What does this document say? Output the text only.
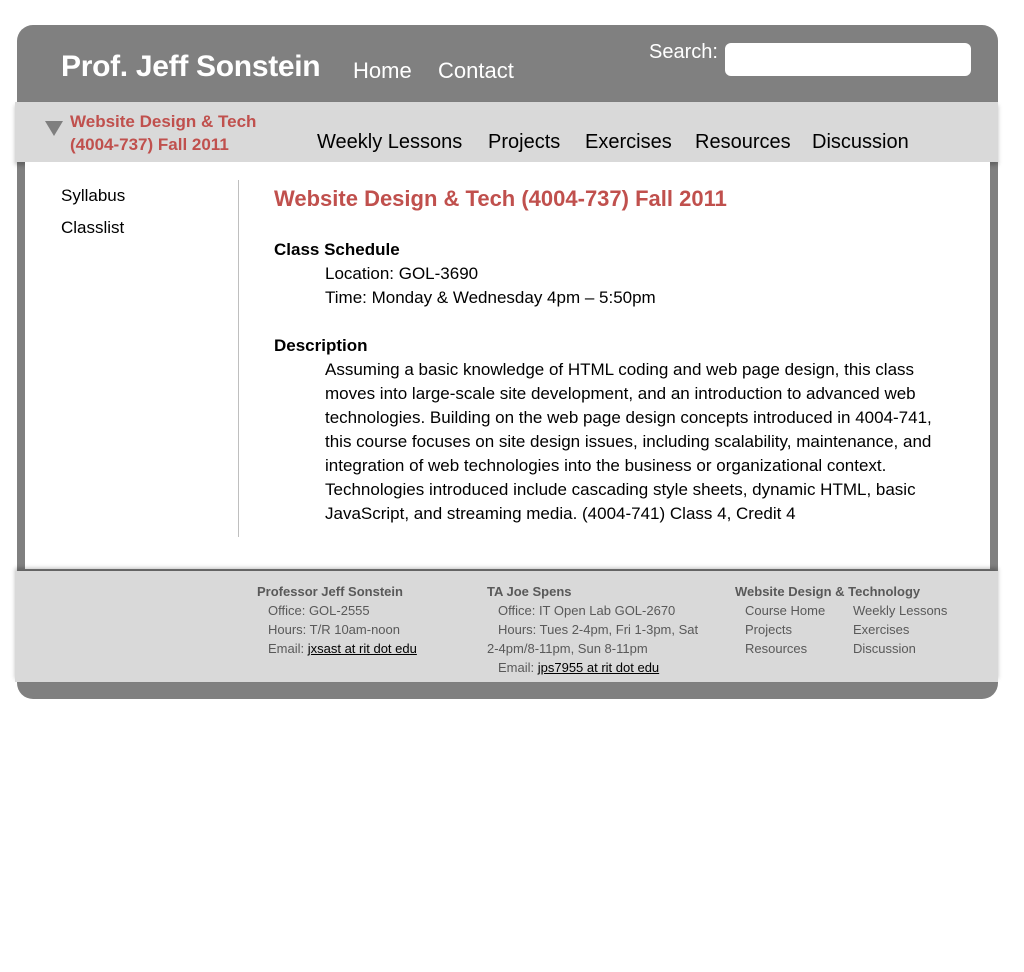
Prof. Jeff Sonstein Home Contact
Search:
Website Design & Tech (4004-737) Fall 2011	Weekly Lessons Projects Exercises Resources Discussion
Syllabus
Classlist
Website Design & Tech (4004-737) Fall 2011
Class Schedule
Location: GOL-3690
Time: Monday & Wednesday 4pm – 5:50pm
Description
Assuming a basic knowledge of HTML coding and web page design, this class moves into large-scale site development, and an introduction to advanced web technologies. Building on the web page design concepts introduced in 4004-741, this course focuses on site design issues, including scalability, maintenance, and integration of web technologies into the business or organizational context. Technologies introduced include cascading style sheets, dynamic HTML, basic JavaScript, and streaming media. (4004-741) Class 4, Credit 4
Professor Jeff Sonstein
Office: GOL-2555
Hours: T/R 10am-noon
Email: jxsast at rit dot edu
TA Joe Spens
Office: IT Open Lab GOL-2670
Hours: Tues 2-4pm, Fri 1-3pm, Sat
2-4pm/8-11pm, Sun 8-11pm
Email: jps7955 at rit dot edu
Website Design & Technology
Course Home
Projects
Resources
Weekly Lessons
Exercises
Discussion
